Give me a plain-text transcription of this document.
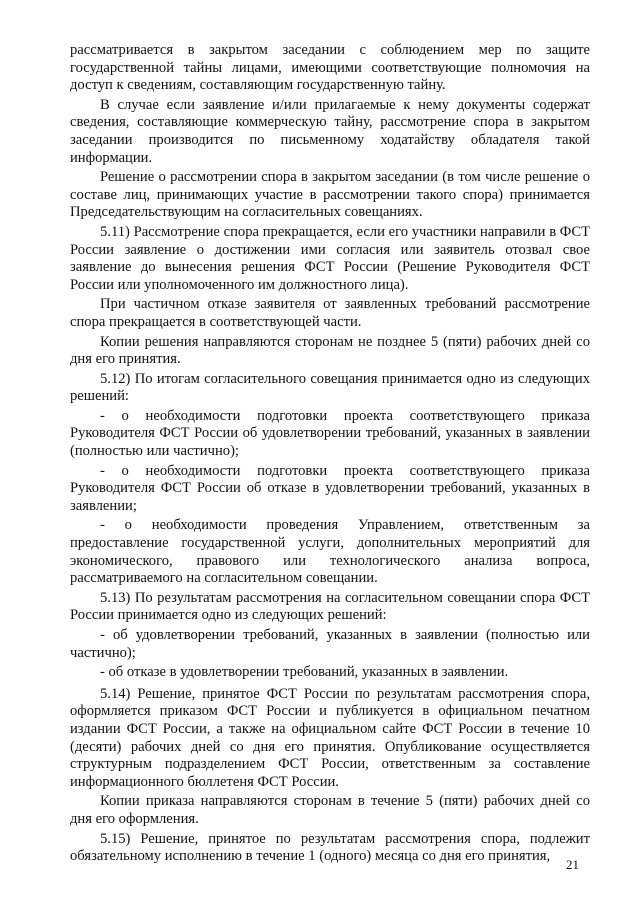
рассматривается в закрытом заседании с соблюдением мер по защите государственной тайны лицами, имеющими соответствующие полномочия на доступ к сведениям, составляющим государственную тайну.

В случае если заявление и/или прилагаемые к нему документы содержат сведения, составляющие коммерческую тайну, рассмотрение спора в закрытом заседании производится по письменному ходатайству обладателя такой информации.

Решение о рассмотрении спора в закрытом заседании (в том числе решение о составе лиц, принимающих участие в рассмотрении такого спора) принимается Председательствующим на согласительных совещаниях.

5.11) Рассмотрение спора прекращается, если его участники направили в ФСТ России заявление о достижении ими согласия или заявитель отозвал свое заявление до вынесения решения ФСТ России (Решение Руководителя ФСТ России или уполномоченного им должностного лица).

При частичном отказе заявителя от заявленных требований рассмотрение спора прекращается в соответствующей части.

Копии решения направляются сторонам не позднее 5 (пяти) рабочих дней со дня его принятия.

5.12) По итогам согласительного совещания принимается одно из следующих решений:

- о необходимости подготовки проекта соответствующего приказа Руководителя ФСТ России об удовлетворении требований, указанных в заявлении (полностью или частично);

- о необходимости подготовки проекта соответствующего приказа Руководителя ФСТ России об отказе в удовлетворении требований, указанных в заявлении;

- о необходимости проведения Управлением, ответственным за предоставление государственной услуги, дополнительных мероприятий для экономического, правового или технологического анализа вопроса, рассматриваемого на согласительном совещании.

5.13) По результатам рассмотрения на согласительном совещании спора ФСТ России принимается одно из следующих решений:

- об удовлетворении требований, указанных в заявлении (полностью или частично);

- об отказе в удовлетворении требований, указанных в заявлении.

5.14) Решение, принятое ФСТ России по результатам рассмотрения спора, оформляется приказом ФСТ России и публикуется в официальном печатном издании ФСТ России, а также на официальном сайте ФСТ России в течение 10 (десяти) рабочих дней со дня его принятия. Опубликование осуществляется структурным подразделением ФСТ России, ответственным за составление информационного бюллетеня ФСТ России.

Копии приказа направляются сторонам в течение 5 (пяти) рабочих дней со дня его оформления.

5.15) Решение, принятое по результатам рассмотрения спора, подлежит обязательному исполнению в течение 1 (одного) месяца со дня его принятия,

21
